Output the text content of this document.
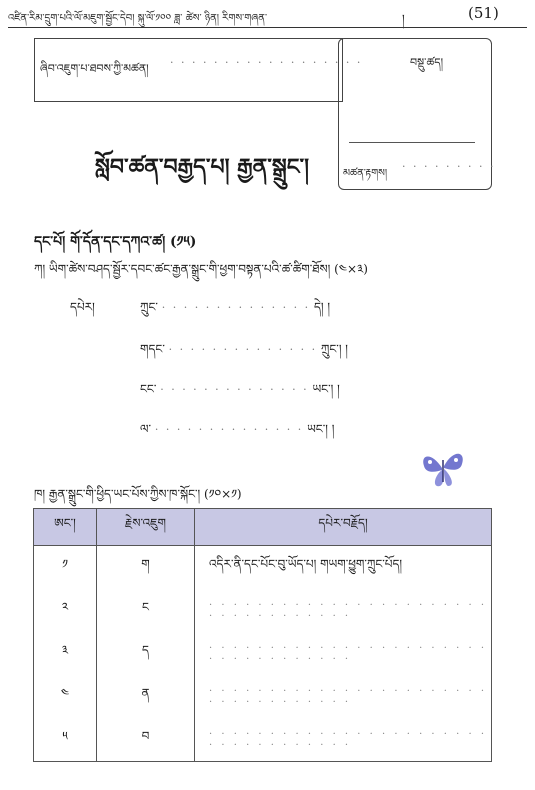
འཛིན་རིམ་དྲུག་པའི་ལོ་མཇུག་སྦྱོང་དེབ། སྐུ་ལོ་༡༠༠ ཟླ་ ཚེས་ ཉིན། རིགས་གཞན་	།	(51)
ཞིབ་འཇུག་པ་ཐབས་ཀྱི་མཚན། · · · · · · · · · · · · · · · · · ·	བསྡུ་ཚད།
མཚན་རྟགས།
· · · · · · · · ·
སློབ་ཚན་བརྒྱད་པ། རྒྱན་སྒྲུང་།
དང་པོ། གོ་དོན་དང་དཀའ་ཚ། (༡༥)
ཀ། ཡིག་ཚེས་བཤད་སྦྱོར་དབང་ཚང་རྒྱན་སྒྲུང་གི་ཕྱག་བསྟན་པའི་ཚ་ཚིག་ཐོས། (༤×༣)
དཔེར།	ཀྲུང་ · · · · · · · · · · · · · · དེ། །
གདང་ · · · · · · · · · · · · · · ཀྲུང་། །
ངང་ · · · · · · · · · · · · · · ཡང་། །
ལ་ · · · · · · · · · · · · · · ཡང་། །
ཁ། རྒྱན་སྒྲུང་གི་ཕྱིད་ཡང་པོས་ཀྱིས་ཁ་སྐོང་། (༡༠×༡)
ཨང་།	རྗེས་འཇུག	དཔེར་བརྗོད།
༡	ག	འདིར་ནི་དང་པོང་བུ་ཡོད་པ། གཡག་ཕྱུག་ཀྲུང་པོད།
༢	ང	· · · · · · · · · · · · · · · · · · · · · · · · · · · · · · · · · · ·
༣	ད	· · · · · · · · · · · · · · · · · · · · · · · · · · · · · · · · · · ·
༤	ན	· · · · · · · · · · · · · · · · · · · · · · · · · · · · · · · · · · ·
༥	བ	· · · · · · · · · · · · · · · · · · · · · · · · · · · · · · · · · · ·
